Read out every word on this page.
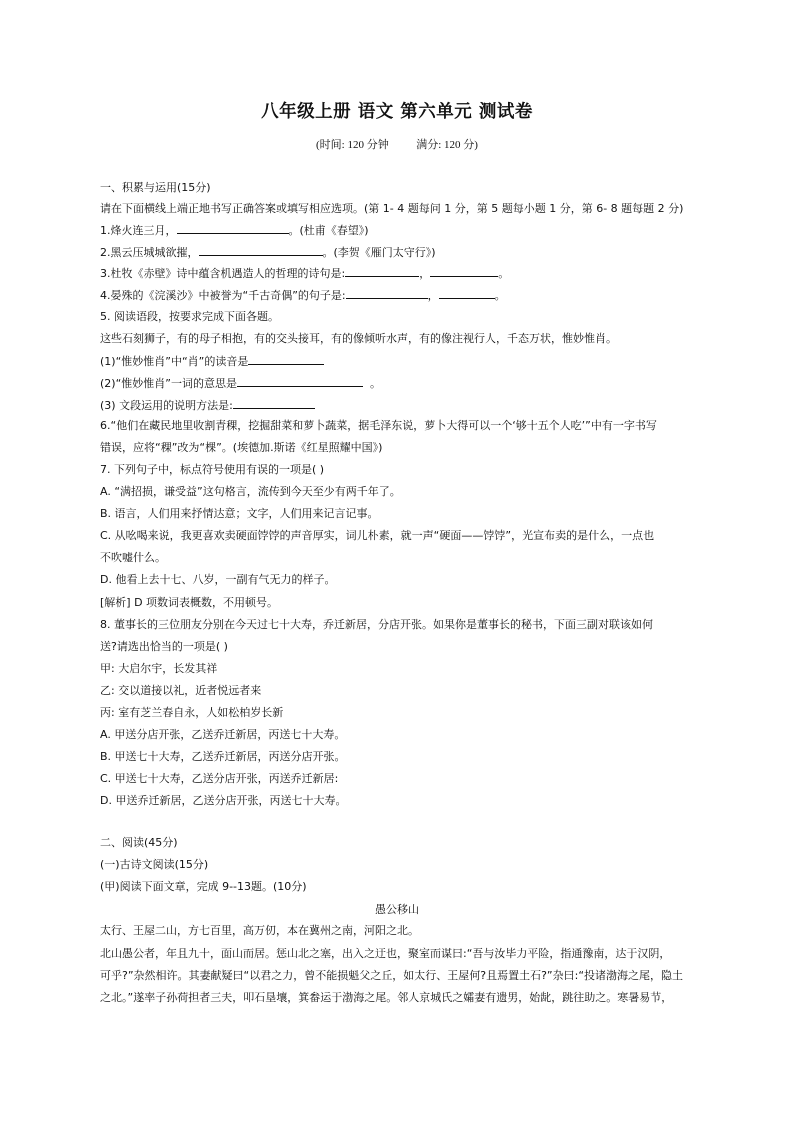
八年级上册 语文 第六单元 测试卷
(时间: 120 分钟	满分: 120 分)
一、积累与运用(15分)
请在下面横线上端正地书写正确答案或填写相应选项。(第 1- 4 题每问 1 分，第 5 题每小题 1 分，第 6- 8 题每题 2 分)
1.烽火连三月，	。(杜甫《春望》)
2.黑云压城城欲摧，	。(李贺《雁门太守行》)
3.杜牧《赤壁》诗中蕴含机遇造人的哲理的诗句是:	，	。
4.晏殊的《浣溪沙》中被誉为“千古奇偶”的句子是:	，	。
5. 阅读语段，按要求完成下面各题。
这些石刻狮子，有的母子相抱，有的交头接耳，有的像倾听水声，有的像注视行人，千态万状，惟妙惟肖。
(1)“惟妙惟肖”中“肖”的读音是
(2)“惟妙惟肖”一词的意思是	。
(3) 文段运用的说明方法是:
6.“他们在藏民地里收割青稞，挖掘甜菜和萝卜蔬菜，据毛泽东说，萝卜大得可以一个‘够十五个人吃’”中有一字书写
错误，应将“稞”改为“棵”。(埃德加.斯诺《红星照耀中国》)
7. 下列句子中，标点符号使用有误的一项是( )
A. “满招损，谦受益”这句格言，流传到今天至少有两千年了。
B. 语言，人们用来抒情达意；文字，人们用来记言记事。
C. 从吆喝来说，我更喜欢卖硬面饽饽的声音厚实，词儿朴素，就一声“硬面——饽饽”，光宣布卖的是什么，一点也
不吹嘘什么。
D. 他看上去十七、八岁，一副有气无力的样子。
[解析] D 项数词表概数，不用顿号。
8. 董事长的三位朋友分别在今天过七十大寿，乔迁新居，分店开张。如果你是董事长的秘书，下面三副对联该如何
送?请选出恰当的一项是( )
甲: 大启尔宇，长发其祥
乙: 交以道接以礼，近者悦远者来
丙: 室有芝兰春自永，人如松柏岁长新
A. 甲送分店开张，乙送乔迁新居，丙送七十大寿。
B. 甲送七十大寿，乙送乔迁新居，丙送分店开张。
C. 甲送七十大寿，乙送分店开张，丙送乔迁新居:
D. 甲送乔迁新居，乙送分店开张，丙送七十大寿。
二、阅读(45分)
(一)古诗文阅读(15分)
(甲)阅读下面文章，完成 9--13题。(10分)
愚公移山
太行、王屋二山，方七百里，高万仞，本在冀州之南，河阳之北。
北山愚公者，年且九十，面山而居。惩山北之塞，出入之迂也，聚室而谋曰:“吾与汝毕力平险，指通豫南，达于汉阴，
可乎?”杂然相许。其妻献疑曰“以君之力，曾不能损魁父之丘，如太行、王屋何?且焉置土石?”杂曰:“投诸渤海之尾，隐土
之北。”遂率子孙荷担者三夫，叩石垦壤，箕畚运于渤海之尾。邻人京城氏之孀妻有遗男，始龀，跳往助之。寒暑易节，
